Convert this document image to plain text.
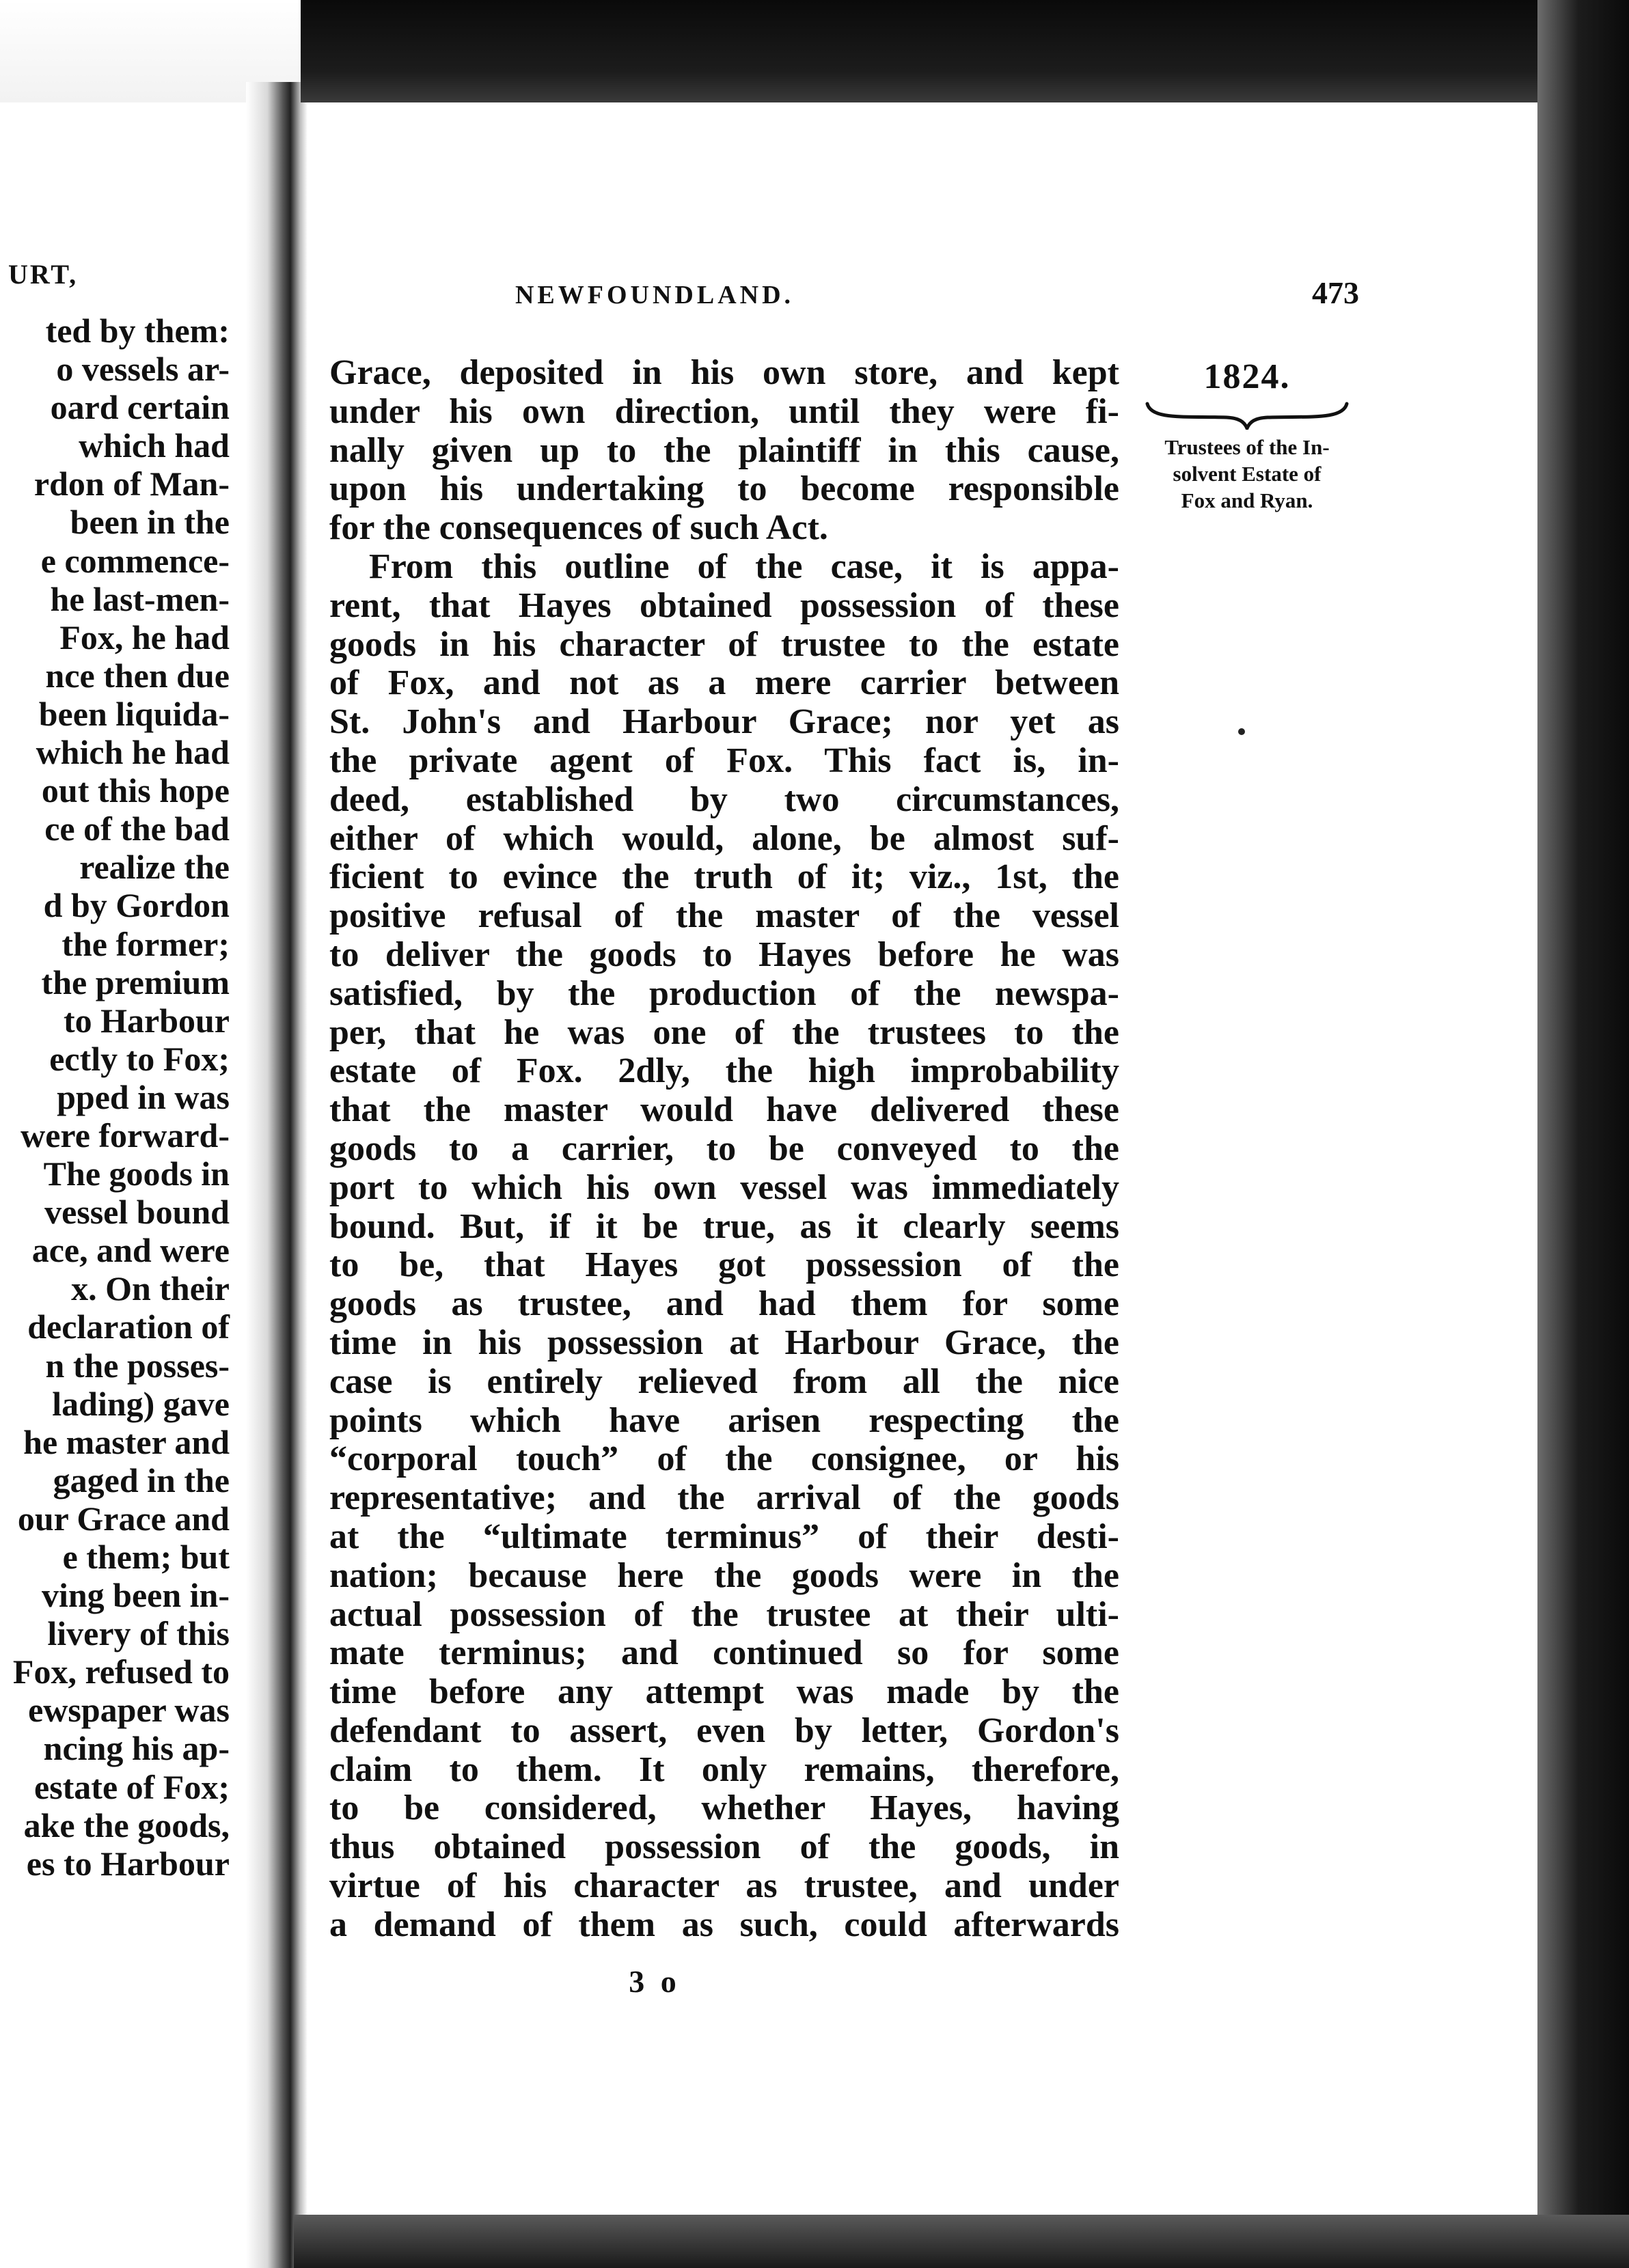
URT,
ted by them:
o vessels ar-
oard certain
which had
rdon of Man-
been in the
e commence-
he last-men-
Fox, he had
nce then due
been liquida-
which he had
out this hope
ce of the bad
realize the
d by Gordon
the former;
the premium
to Harbour
ectly to Fox;
pped in was
were forward-
The goods in
vessel bound
ace, and were
x. On their
declaration of
n the posses-
lading) gave
he master and
gaged in the
our Grace and
e them; but
ving been in-
livery of this
Fox, refused to
ewspaper was
ncing his ap-
estate of Fox;
ake the goods,
es to Harbour
NEWFOUNDLAND.	473
Grace, deposited in his own store, and kept
under his own direction, until they were fi-
nally given up to the plaintiff in this cause,
upon his undertaking to become responsible
for the consequences of such Act.
From this outline of the case, it is appa-
rent, that Hayes obtained possession of these
goods in his character of trustee to the estate
of Fox, and not as a mere carrier between
St. John's and Harbour Grace; nor yet as
the private agent of Fox. This fact is, in-
deed, established by two circumstances,
either of which would, alone, be almost suf-
ficient to evince the truth of it; viz., 1st, the
positive refusal of the master of the vessel
to deliver the goods to Hayes before he was
satisfied, by the production of the newspa-
per, that he was one of the trustees to the
estate of Fox. 2dly, the high improbability
that the master would have delivered these
goods to a carrier, to be conveyed to the
port to which his own vessel was immediately
bound. But, if it be true, as it clearly seems
to be, that Hayes got possession of the
goods as trustee, and had them for some
time in his possession at Harbour Grace, the
case is entirely relieved from all the nice
points which have arisen respecting the
“corporal touch” of the consignee, or his
representative; and the arrival of the goods
at the “ultimate terminus” of their desti-
nation; because here the goods were in the
actual possession of the trustee at their ulti-
mate terminus; and continued so for some
time before any attempt was made by the
defendant to assert, even by letter, Gordon's
claim to them. It only remains, therefore,
to be considered, whether Hayes, having
thus obtained possession of the goods, in
virtue of his character as trustee, and under
a demand of them as such, could afterwards
1824.
Trustees of the In-
solvent Estate of
Fox and Ryan.
3 o
